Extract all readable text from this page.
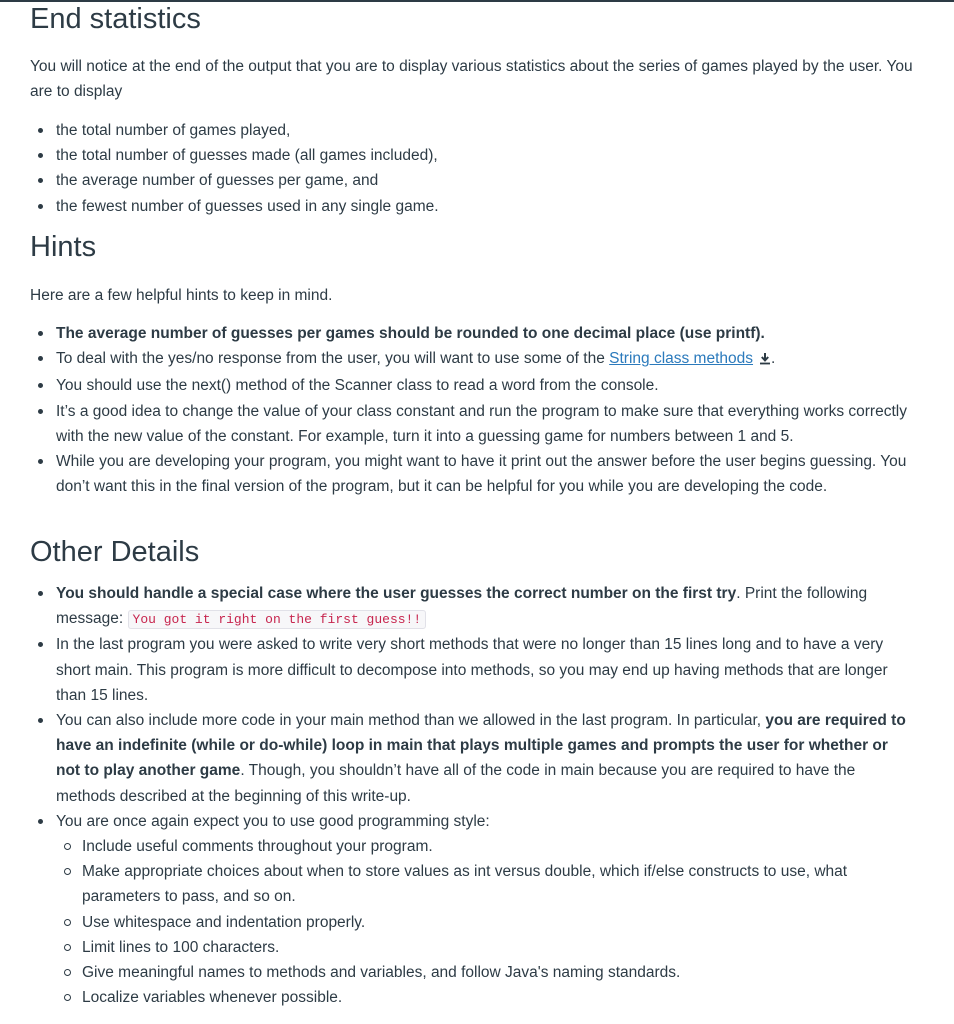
End statistics

You will notice at the end of the output that you are to display various statistics about the series of games played by the user. You are to display

the total number of games played,
the total number of guesses made (all games included),
the average number of guesses per game, and
the fewest number of guesses used in any single game.
Hints

Here are a few helpful hints to keep in mind.

The average number of guesses per games should be rounded to one decimal place (use printf).
To deal with the yes/no response from the user, you will want to use some of the String class methods .
You should use the next() method of the Scanner class to read a word from the console.
It’s a good idea to change the value of your class constant and run the program to make sure that everything works correctly with the new value of the constant. For example, turn it into a guessing game for numbers between 1 and 5.
While you are developing your program, you might want to have it print out the answer before the user begins guessing. You don’t want this in the final version of the program, but it can be helpful for you while you are developing the code.
Other Details
You should handle a special case where the user guesses the correct number on the first try. Print the following message: You got it right on the first guess!!
In the last program you were asked to write very short methods that were no longer than 15 lines long and to have a very short main. This program is more difficult to decompose into methods, so you may end up having methods that are longer than 15 lines.
You can also include more code in your main method than we allowed in the last program. In particular, you are required to have an indefinite (while or do-while) loop in main that plays multiple games and prompts the user for whether or not to play another game. Though, you shouldn’t have all of the code in main because you are required to have the methods described at the beginning of this write-up.
You are once again expect you to use good programming style:
Include useful comments throughout your program.
Make appropriate choices about when to store values as int versus double, which if/else constructs to use, what parameters to pass, and so on.
Use whitespace and indentation properly.
Limit lines to 100 characters.
Give meaningful names to methods and variables, and follow Java's naming standards.
Localize variables whenever possible.
